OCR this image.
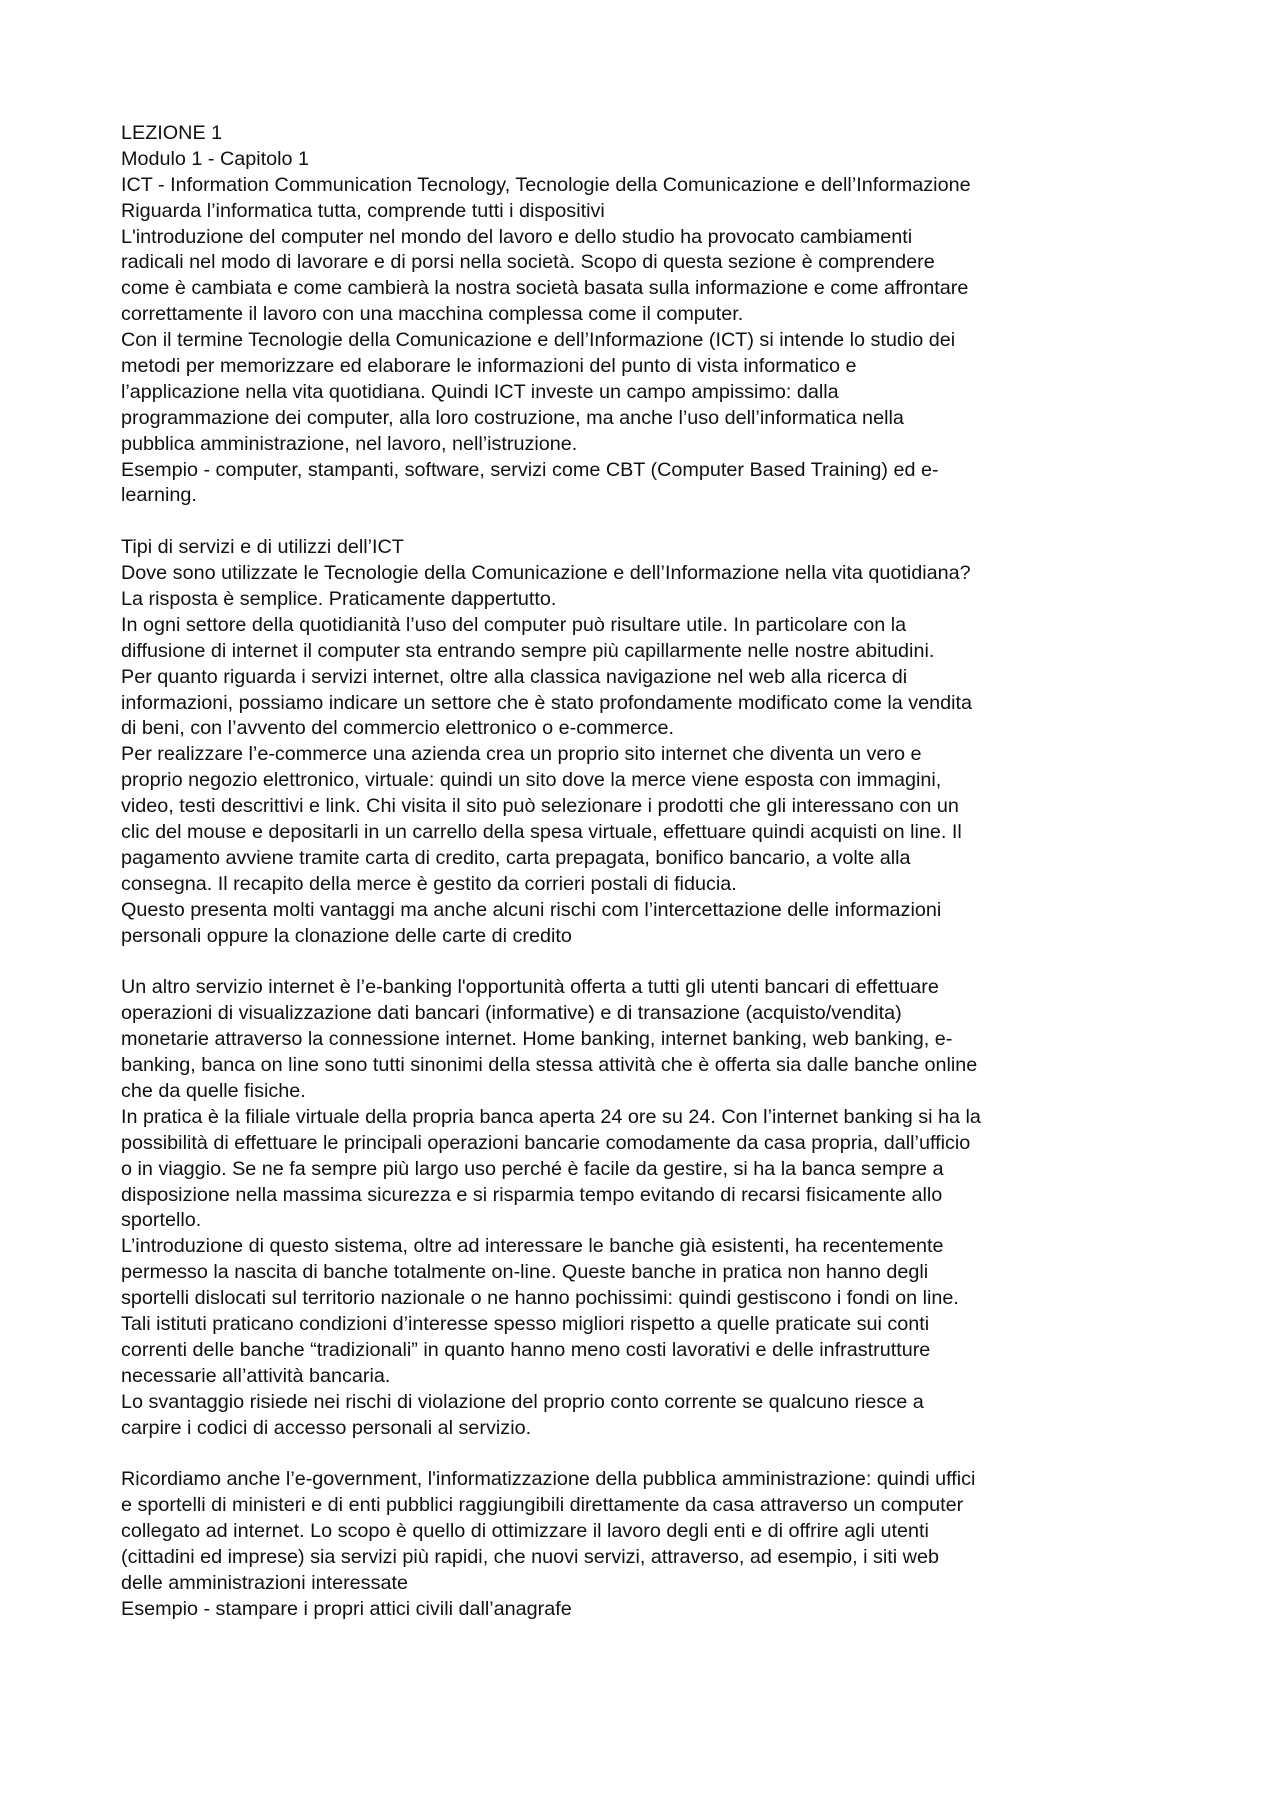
LEZIONE 1
Modulo 1 - Capitolo 1
ICT - Information Communication Tecnology, Tecnologie della Comunicazione e dell’Informazione
Riguarda l’informatica tutta, comprende tutti i dispositivi
L'introduzione del computer nel mondo del lavoro e dello studio ha provocato cambiamenti
radicali nel modo di lavorare e di porsi nella società. Scopo di questa sezione è comprendere
come è cambiata e come cambierà la nostra società basata sulla informazione e come affrontare
correttamente il lavoro con una macchina complessa come il computer.
Con il termine Tecnologie della Comunicazione e dell’Informazione (ICT) si intende lo studio dei
metodi per memorizzare ed elaborare le informazioni del punto di vista informatico e
l’applicazione nella vita quotidiana. Quindi ICT investe un campo ampissimo: dalla
programmazione dei computer, alla loro costruzione, ma anche l’uso dell’informatica nella
pubblica amministrazione, nel lavoro, nell’istruzione.
Esempio - computer, stampanti, software, servizi come CBT (Computer Based Training) ed e-
learning.
Tipi di servizi e di utilizzi dell’ICT
Dove sono utilizzate le Tecnologie della Comunicazione e dell’Informazione nella vita quotidiana?
La risposta è semplice. Praticamente dappertutto.
In ogni settore della quotidianità l’uso del computer può risultare utile. In particolare con la
diffusione di internet il computer sta entrando sempre più capillarmente nelle nostre abitudini.
Per quanto riguarda i servizi internet, oltre alla classica navigazione nel web alla ricerca di
informazioni, possiamo indicare un settore che è stato profondamente modificato come la vendita
di beni, con l’avvento del commercio elettronico o e-commerce.
Per realizzare l’e-commerce una azienda crea un proprio sito internet che diventa un vero e
proprio negozio elettronico, virtuale: quindi un sito dove la merce viene esposta con immagini,
video, testi descrittivi e link. Chi visita il sito può selezionare i prodotti che gli interessano con un
clic del mouse e depositarli in un carrello della spesa virtuale, effettuare quindi acquisti on line. Il
pagamento avviene tramite carta di credito, carta prepagata, bonifico bancario, a volte alla
consegna. Il recapito della merce è gestito da corrieri postali di fiducia.
Questo presenta molti vantaggi ma anche alcuni rischi com l’intercettazione delle informazioni
personali oppure la clonazione delle carte di credito
Un altro servizio internet è l’e-banking l'opportunità offerta a tutti gli utenti bancari di effettuare
operazioni di visualizzazione dati bancari (informative) e di transazione (acquisto/vendita)
monetarie attraverso la connessione internet. Home banking, internet banking, web banking, e-
banking, banca on line sono tutti sinonimi della stessa attività che è offerta sia dalle banche online
che da quelle fisiche.
In pratica è la filiale virtuale della propria banca aperta 24 ore su 24. Con l’internet banking si ha la
possibilità di effettuare le principali operazioni bancarie comodamente da casa propria, dall’ufficio
o in viaggio. Se ne fa sempre più largo uso perché è facile da gestire, si ha la banca sempre a
disposizione nella massima sicurezza e si risparmia tempo evitando di recarsi fisicamente allo
sportello.
L’introduzione di questo sistema, oltre ad interessare le banche già esistenti, ha recentemente
permesso la nascita di banche totalmente on-line. Queste banche in pratica non hanno degli
sportelli dislocati sul territorio nazionale o ne hanno pochissimi: quindi gestiscono i fondi on line.
Tali istituti praticano condizioni d’interesse spesso migliori rispetto a quelle praticate sui conti
correnti delle banche “tradizionali” in quanto hanno meno costi lavorativi e delle infrastrutture
necessarie all’attività bancaria.
Lo svantaggio risiede nei rischi di violazione del proprio conto corrente se qualcuno riesce a
carpire i codici di accesso personali al servizio.
Ricordiamo anche l’e-government, l'informatizzazione della pubblica amministrazione: quindi uffici
e sportelli di ministeri e di enti pubblici raggiungibili direttamente da casa attraverso un computer
collegato ad internet. Lo scopo è quello di ottimizzare il lavoro degli enti e di offrire agli utenti
(cittadini ed imprese) sia servizi più rapidi, che nuovi servizi, attraverso, ad esempio, i siti web
delle amministrazioni interessate
Esempio - stampare i propri attici civili dall’anagrafe
